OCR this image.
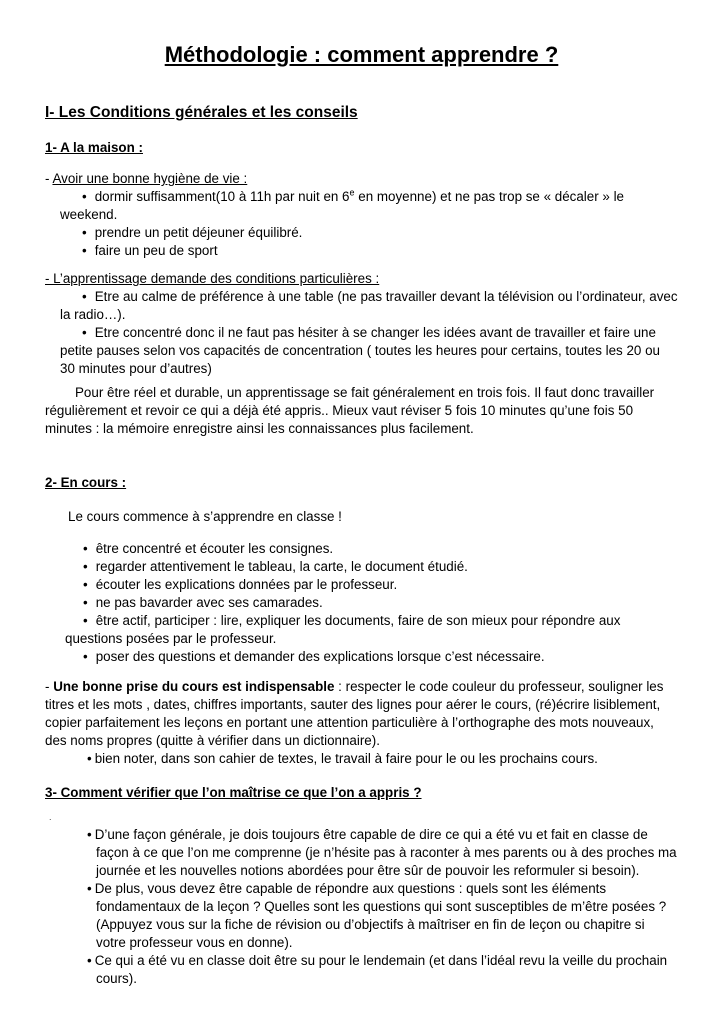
Méthodologie : comment apprendre ?
I- Les Conditions générales et les conseils
1- A la maison :

- Avoir une bonne hygiène de vie :

• dormir suffisamment(10 à 11h par nuit en 6e en moyenne) et ne pas trop se « décaler » le weekend.
• prendre un petit déjeuner équilibré.
• faire un peu de sport

- L’apprentissage demande des conditions particulières :

• Etre au calme de préférence à une table (ne pas travailler devant la télévision ou l’ordinateur, avec la radio…).
• Etre concentré donc il ne faut pas hésiter à se changer les idées avant de travailler et faire une petite pauses selon vos capacités de concentration ( toutes les heures pour certains, toutes les 20 ou 30 minutes pour d’autres)

Pour être réel et durable, un apprentissage se fait généralement en trois fois. Il faut donc travailler régulièrement et revoir ce qui a déjà été appris.. Mieux vaut réviser 5 fois 10 minutes qu’une fois 50 minutes : la mémoire enregistre ainsi les connaissances plus facilement.

2- En cours :

Le cours commence à s’apprendre en classe !

• être concentré et écouter les consignes.
• regarder attentivement le tableau, la carte, le document étudié.
• écouter les explications données par le professeur.
• ne pas bavarder avec ses camarades.
• être actif, participer : lire, expliquer les documents, faire de son mieux pour répondre aux questions posées par le professeur.
• poser des questions et demander des explications lorsque c’est nécessaire.

- Une bonne prise du cours est indispensable : respecter le code couleur du professeur, souligner les titres et les mots , dates, chiffres importants, sauter des lignes pour aérer le cours, (ré)écrire lisiblement, copier parfaitement les leçons en portant une attention particulière à l’orthographe des mots nouveaux, des noms propres (quitte à vérifier dans un dictionnaire).

• bien noter, dans son cahier de textes, le travail à faire pour le ou les prochains cours.
3- Comment vérifier que l’on maîtrise ce que l’on a appris ?
.
• D’une façon générale, je dois toujours être capable de dire ce qui a été vu et fait en classe de façon à ce que l’on me comprenne (je n’hésite pas à raconter à mes parents ou à des proches ma journée et les nouvelles notions abordées pour être sûr de pouvoir les reformuler si besoin).
• De plus, vous devez être capable de répondre aux questions : quels sont les éléments fondamentaux de la leçon ? Quelles sont les questions qui sont susceptibles de m’être posées ? (Appuyez vous sur la fiche de révision ou d’objectifs à maîtriser en fin de leçon ou chapitre si votre professeur vous en donne).
• Ce qui a été vu en classe doit être su pour le lendemain (et dans l’idéal revu la veille du prochain cours).
